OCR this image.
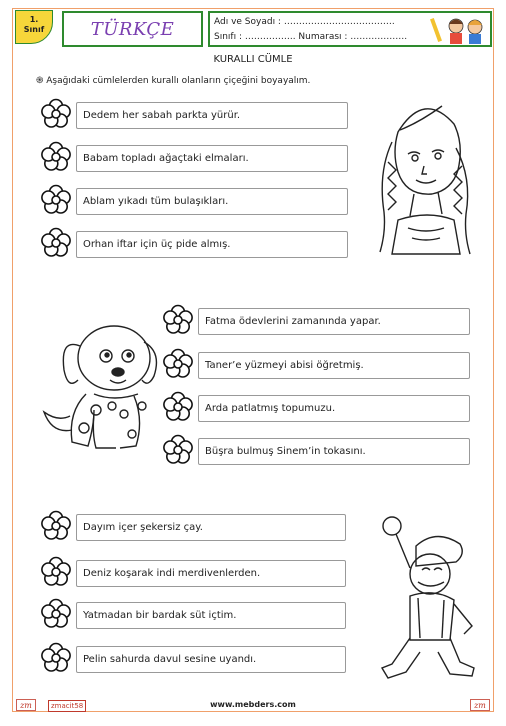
1.
Sınıf	TÜRKÇE	Adı ve Soyadı : ……………………………….
Sınıfı : …………….. Numarası : ……………….
KURALLI CÜMLE
֍ Aşağıdaki cümlelerden kurallı olanların çiçeğini boyayalım.
Dedem her sabah parkta yürür.
Babam topladı ağaçtaki elmaları.
Ablam yıkadı tüm bulaşıkları.
Orhan iftar için üç pide almış.
Fatma ödevlerini zamanında yapar.
Taner’e yüzmeyi abisi öğretmiş.
Arda patlatmış topumuzu.
Büşra bulmuş Sinem’in tokasını.
Dayım içer şekersiz çay.
Deniz koşarak indi merdivenlerden.
Yatmadan bir bardak süt içtim.
Pelin sahurda davul sesine uyandı.
zm	zmacit58	www.mebders.com	zm
